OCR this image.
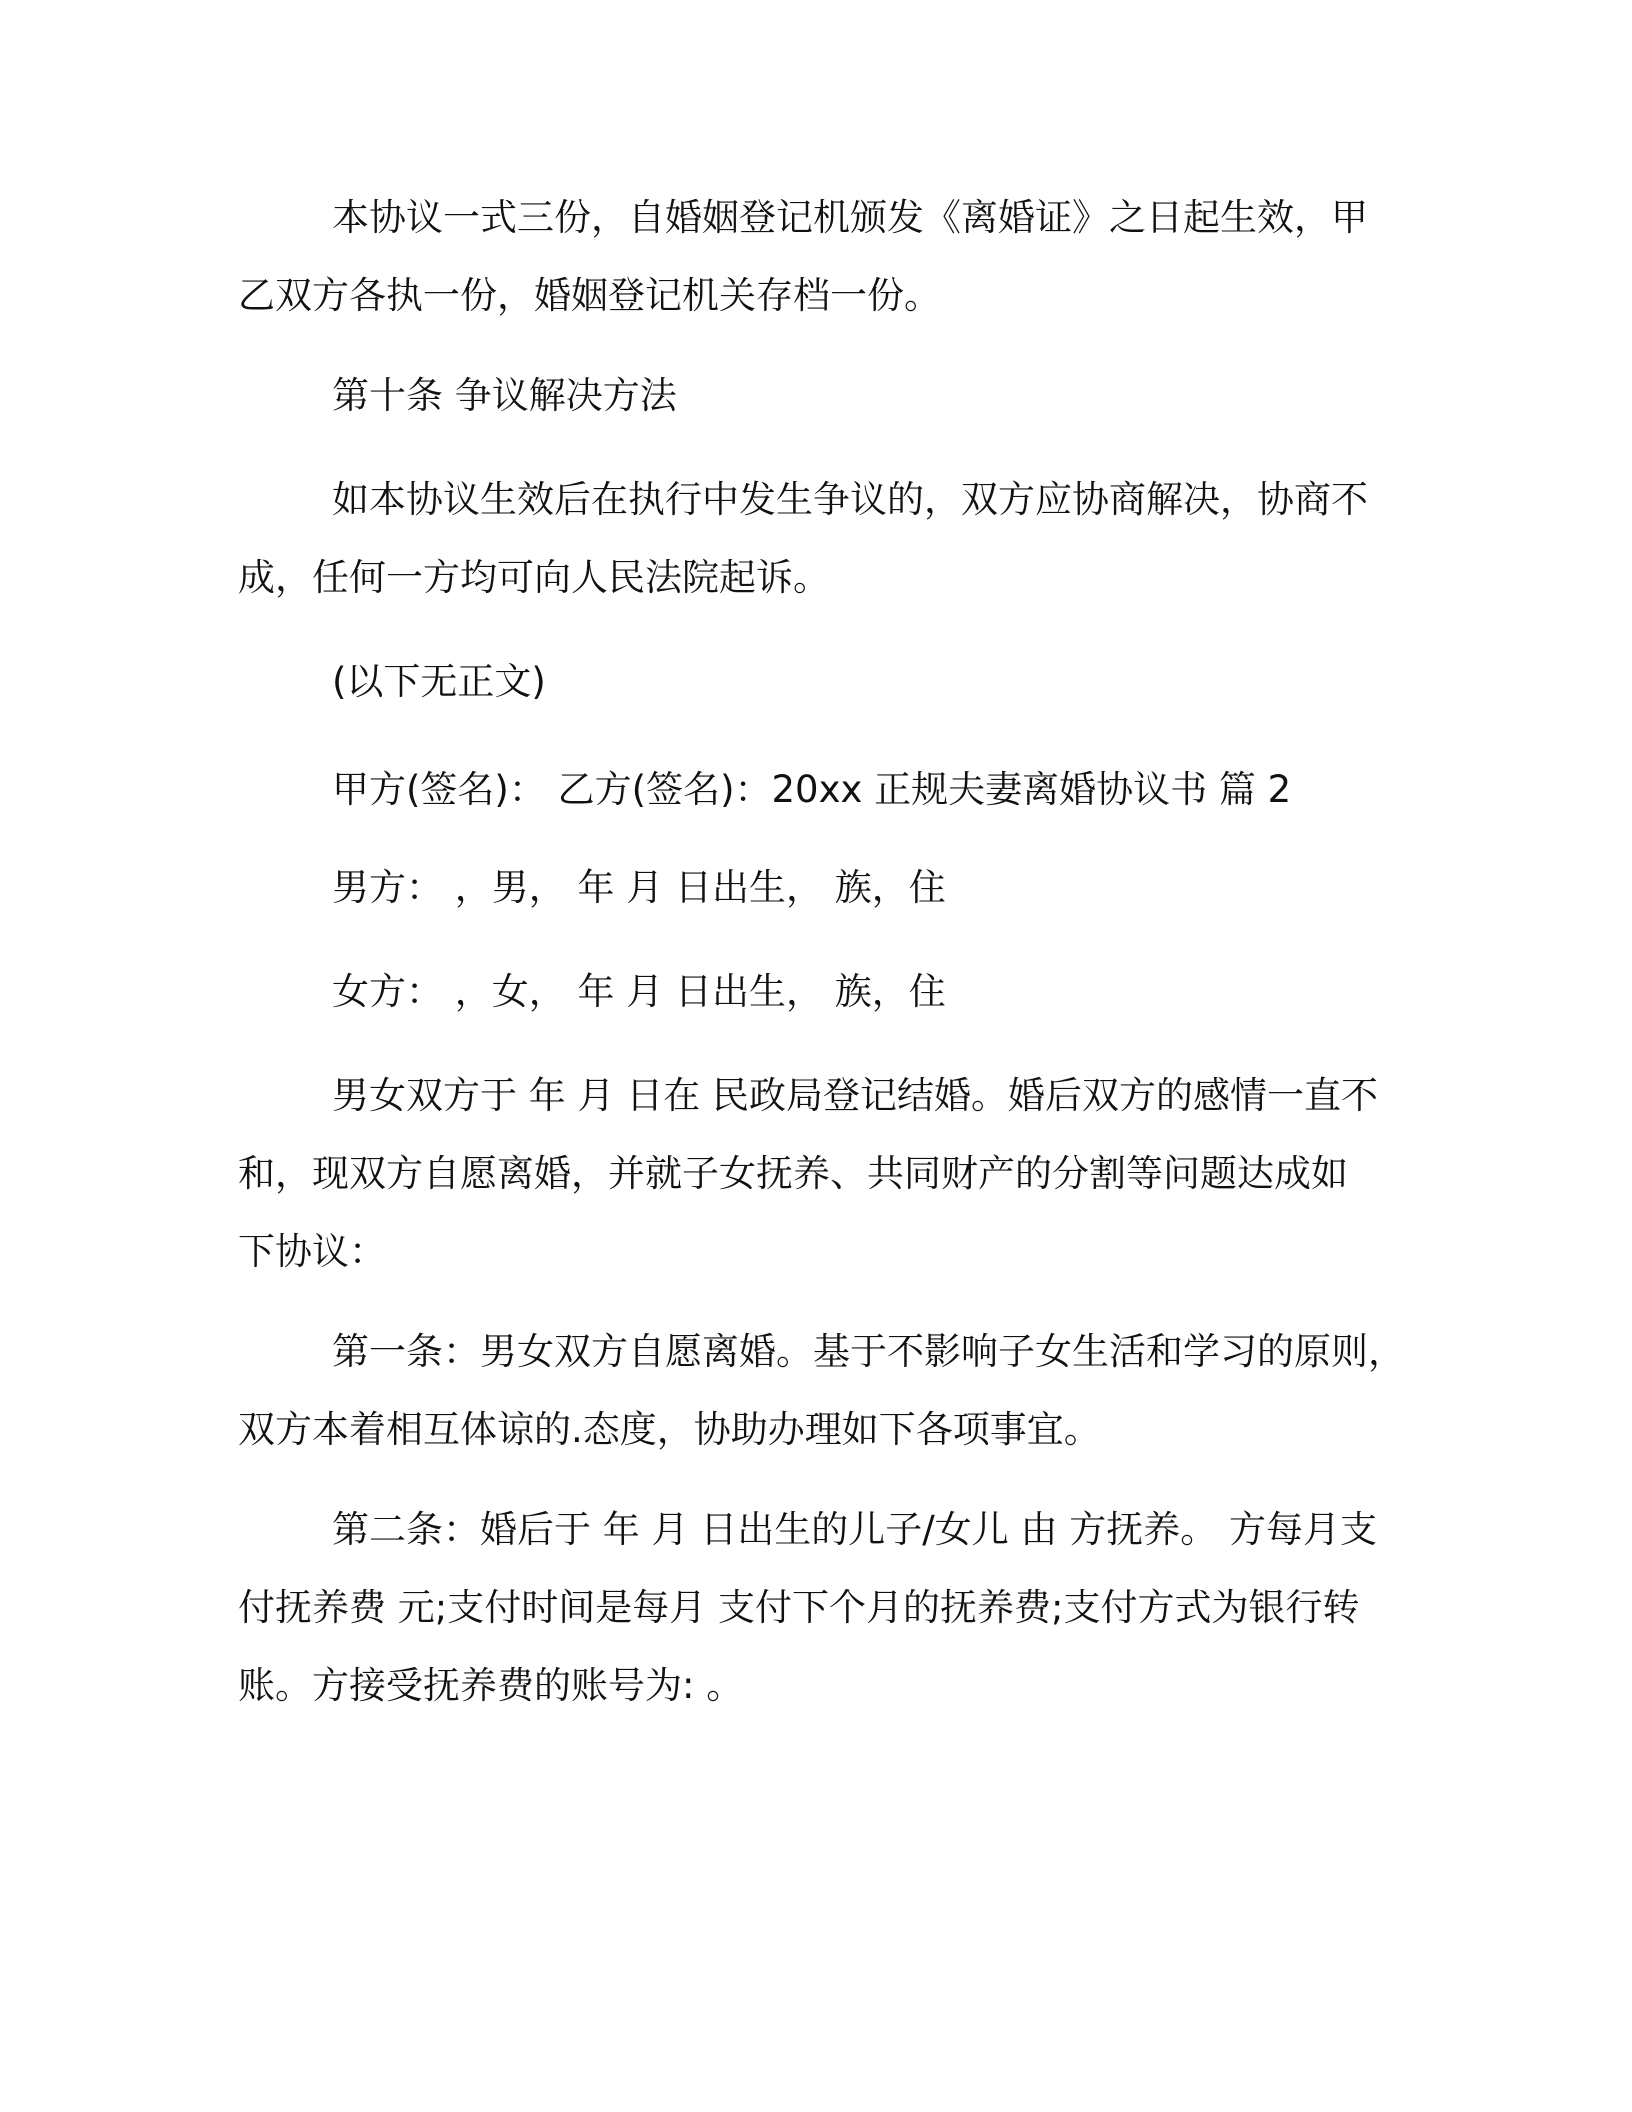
本协议一式三份，自婚姻登记机颁发《离婚证》之日起生效，甲

乙双方各执一份，婚姻登记机关存档一份。

第十条 争议解决方法

如本协议生效后在执行中发生争议的，双方应协商解决，协商不

成，任何一方均可向人民法院起诉。

(以下无正文)

甲方(签名)： 乙方(签名)：20xx 正规夫妻离婚协议书 篇 2

男方： ，男， 年 月 日出生， 族，住

女方： ，女， 年 月 日出生， 族，住

男女双方于 年 月 日在 民政局登记结婚。婚后双方的感情一直不

和，现双方自愿离婚，并就子女抚养、共同财产的分割等问题达成如

下协议：

第一条：男女双方自愿离婚。基于不影响子女生活和学习的原则，

双方本着相互体谅的.态度，协助办理如下各项事宜。

第二条：婚后于 年 月 日出生的儿子/女儿 由 方抚养。 方每月支

付抚养费 元;支付时间是每月 支付下个月的抚养费;支付方式为银行转

账。方接受抚养费的账号为: 。
